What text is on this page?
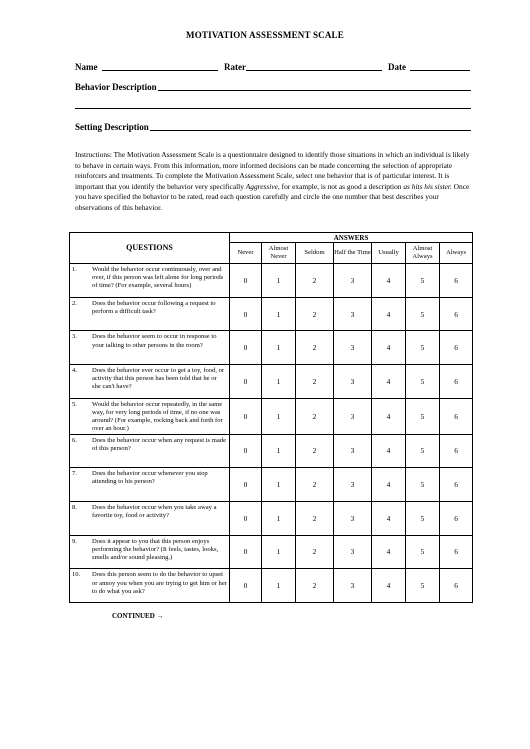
MOTIVATION ASSESSMENT SCALE
Name	Rater	Date
Behavior Description
Setting Description
Instructions: The Motivation Assessment Scale is a questionnaire designed to identify those situations in which an individual is likely to behave in certain ways. From this information, more informed decisions can be made concerning the selection of appropriate reinforcers and treatments. To complete the Motivation Assessment Scale, select one behavior that is of particular interest. It is important that you identify the behavior very specifically Aggressive, for example, is not as good a description as hits his sister. Once you have specified the behavior to be rated, read each question carefully and circle the one number that best describes your observations of this behavior.
QUESTIONS	ANSWERS						
	Never	Almost Never	Seldom	Half the Time	Usually	Almost Always	Always

1. Would the behavior occur continuously, over and over, if this person was left alone for long periods of time? (For example, several hours)	0	1	2	3	4	5	6

2. Does the behavior occur following a request to perform a difficult task?	0	1	2	3	4	5	6

3. Does the behavior seem to occur in response to your talking to other persons in the room?	0	1	2	3	4	5	6

4. Does the behavior ever occur to get a toy, food, or activity that this person has been told that he or she can't have?	0	1	2	3	4	5	6

5. Would the behavior occur repeatedly, in the same way, for very long periods of time, if no one was around? (For example, rocking back and forth for over an hour.)	0	1	2	3	4	5	6

6. Does the behavior occur when any request is made of this person?	0	1	2	3	4	5	6

7. Does the behavior occur whenever you stop attending to his person?	0	1	2	3	4	5	6

8. Does the behavior occur when you take away a favorite toy, food or activity?	0	1	2	3	4	5	6

9. Does it appear to you that this person enjoys performing the behavior? (It feels, tastes, looks, smells and/or sound pleasing.)	0	1	2	3	4	5	6

10. Does this person seem to do the behavior to upset or annoy you when you are trying to get him or her to do what you ask?	0	1	2	3	4	5	6
CONTINUED →
